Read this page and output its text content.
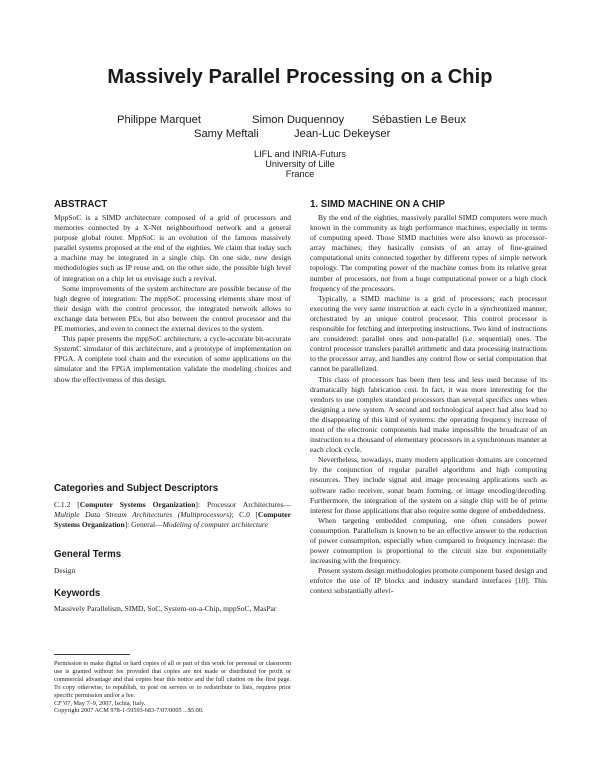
Massively Parallel Processing on a Chip
Philippe Marquet	Simon Duquennoy Sébastien Le Beux
Samy Meftali	Jean-Luc Dekeyser
LIFL and INRIA-Futurs
University of Lille
France
ABSTRACT

MppSoC is a SIMD architecture composed of a grid of processors and memories connected by a X-Net neighbourhood network and a general purpose global router. MppSoC is an evolution of the famous massively parallel systems proposed at the end of the eighties. We claim that today such a machine may be integrated in a single chip. On one side, new design methodologies such as IP reuse and, on the other side, the possible high level of integration on a chip let us envisage such a revival.

Some improvements of the system architecture are possible because of the high degree of integration: The mppSoC processing elements share most of their design with the control processor, the integrated network allows to exchange data between PEs, but also between the control processor and the PE memories, and even to connect the external devices to the system.

This paper presents the mppSoC architecture, a cycle-accurate bit-accurate SystemC simulator of this architecture, and a prototype of implementation on FPGA. A complete tool chain and the execution of some applications on the simulator and the FPGA implementation validate the modeling choices and show the effectiveness of this design.

Categories and Subject Descriptors
C.1.2 [Computer Systems Organization]: Processor Architectures—Multiple Data Stream Architectures (Multiprocessors); C.0 [Computer Systems Organization]: General—Modeling of computer architecture
General Terms
Design
Keywords
Massively Parallelism, SIMD, SoC, System-on-a-Chip, mppSoC, MasPar

Permission to make digital or hard copies of all or part of this work for personal or classroom use is granted without fee provided that copies are not made or distributed for profit or commercial advantage and that copies bear this notice and the full citation on the first page. To copy otherwise, to republish, to post on servers or to redistribute to lists, requires prior specific permission and/or a fee.

CF’07, May 7–9, 2007, Ischia, Italy.

Copyright 2007 ACM 978-1-59593-683-7/07/0005 ...$5.00.

1. SIMD MACHINE ON A CHIP

By the end of the eighties, massively parallel SIMD computers were much known in the community as high performance machines, especially in terms of computing speed. Those SIMD machines were also known as processor-array machines; they basically consists of an array of fine-grained computational units connected together by different types of simple network topology. The computing power of the machine comes from its relative great number of processors, not from a huge computational power or a high clock frequency of the processors.

Typically, a SIMD machine is a grid of processors; each processor executing the very same instruction at each cycle in a synchronized manner, orchestrated by an unique control processor. This control processor is responsible for fetching and interpreting instructions. Two kind of instructions are considered: parallel ones and non-parallel (i.e. sequential) ones. The control processor transfers parallel arithmetic and data processing instructions to the processor array, and handles any control flow or serial computation that cannot be parallelized.

This class of processors has been then less and less used because of its dramatically high fabrication cost. In fact, it was more interesting for the vendors to use complex standard processors than several specifics ones when designing a new system. A second and technological aspect had also lead to the disappearing of this kind of systems: the operating frequency increase of most of the electronic components had make impossible the broadcast of an instruction to a thousand of elementary processors in a synchronous manner at each clock cycle.

Nevertheless, nowadays, many modern application domains are concerned by the conjunction of regular parallel algorithms and high computing resources. They include signal and image processing applications such as software radio receiver, sonar beam forming, or image encoding/decoding. Furthermore, the integration of the system on a single chip will be of prime interest for those applications that also require some degree of embeddedness.

When targeting embedded computing, one often considers power consumption. Parallelism is known to be an effective answer to the reduction of power consumption, especially when compared to frequency increase: the power consumption is proportional to the circuit size but exponentially increasing with the frequency.

Present system design methodologies promote component based design and enforce the use of IP blocks and industry standard interfaces [10]. This context substantially allevi-
